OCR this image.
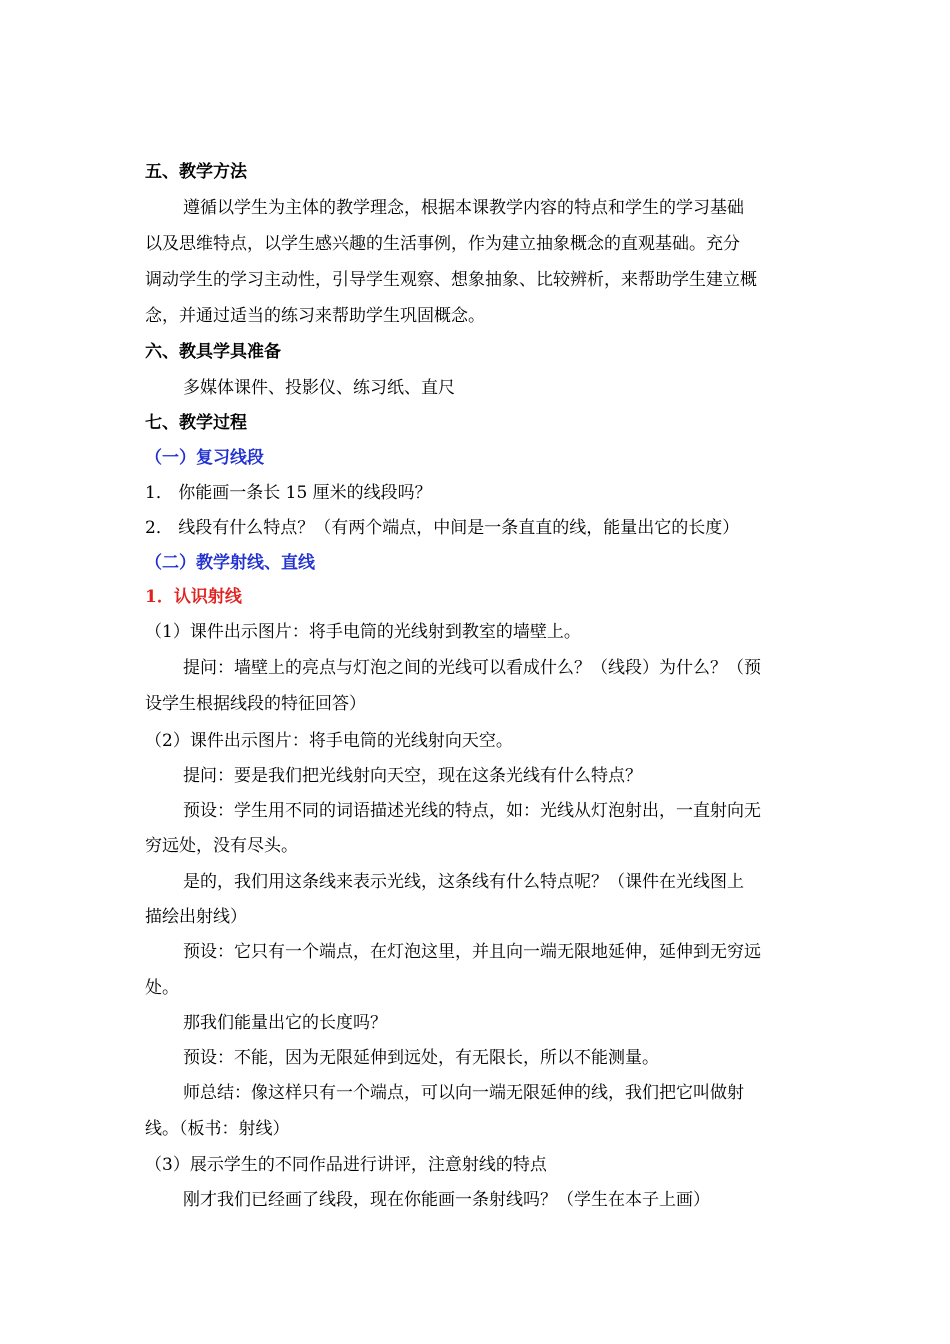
五、教学方法
遵循以学生为主体的教学理念，根据本课教学内容的特点和学生的学习基础
以及思维特点，以学生感兴趣的生活事例，作为建立抽象概念的直观基础。充分
调动学生的学习主动性，引导学生观察、想象抽象、比较辨析，来帮助学生建立概
念，并通过适当的练习来帮助学生巩固概念。
六、教具学具准备
多媒体课件、投影仪、练习纸、直尺
七、教学过程
（一）复习线段
1． 你能画一条长 15 厘米的线段吗？
2． 线段有什么特点？（有两个端点，中间是一条直直的线，能量出它的长度）
（二）教学射线、直线
1．认识射线
（1）课件出示图片：将手电筒的光线射到教室的墙壁上。
提问：墙壁上的亮点与灯泡之间的光线可以看成什么？（线段）为什么？（预
设学生根据线段的特征回答）
（2）课件出示图片：将手电筒的光线射向天空。
提问：要是我们把光线射向天空，现在这条光线有什么特点？
预设：学生用不同的词语描述光线的特点，如：光线从灯泡射出，一直射向无
穷远处，没有尽头。
是的，我们用这条线来表示光线，这条线有什么特点呢？（课件在光线图上
描绘出射线）
预设：它只有一个端点，在灯泡这里，并且向一端无限地延伸，延伸到无穷远
处。
那我们能量出它的长度吗？
预设：不能，因为无限延伸到远处，有无限长，所以不能测量。
师总结：像这样只有一个端点，可以向一端无限延伸的线，我们把它叫做射
线。（板书：射线）
（3）展示学生的不同作品进行讲评，注意射线的特点
刚才我们已经画了线段，现在你能画一条射线吗？（学生在本子上画）
